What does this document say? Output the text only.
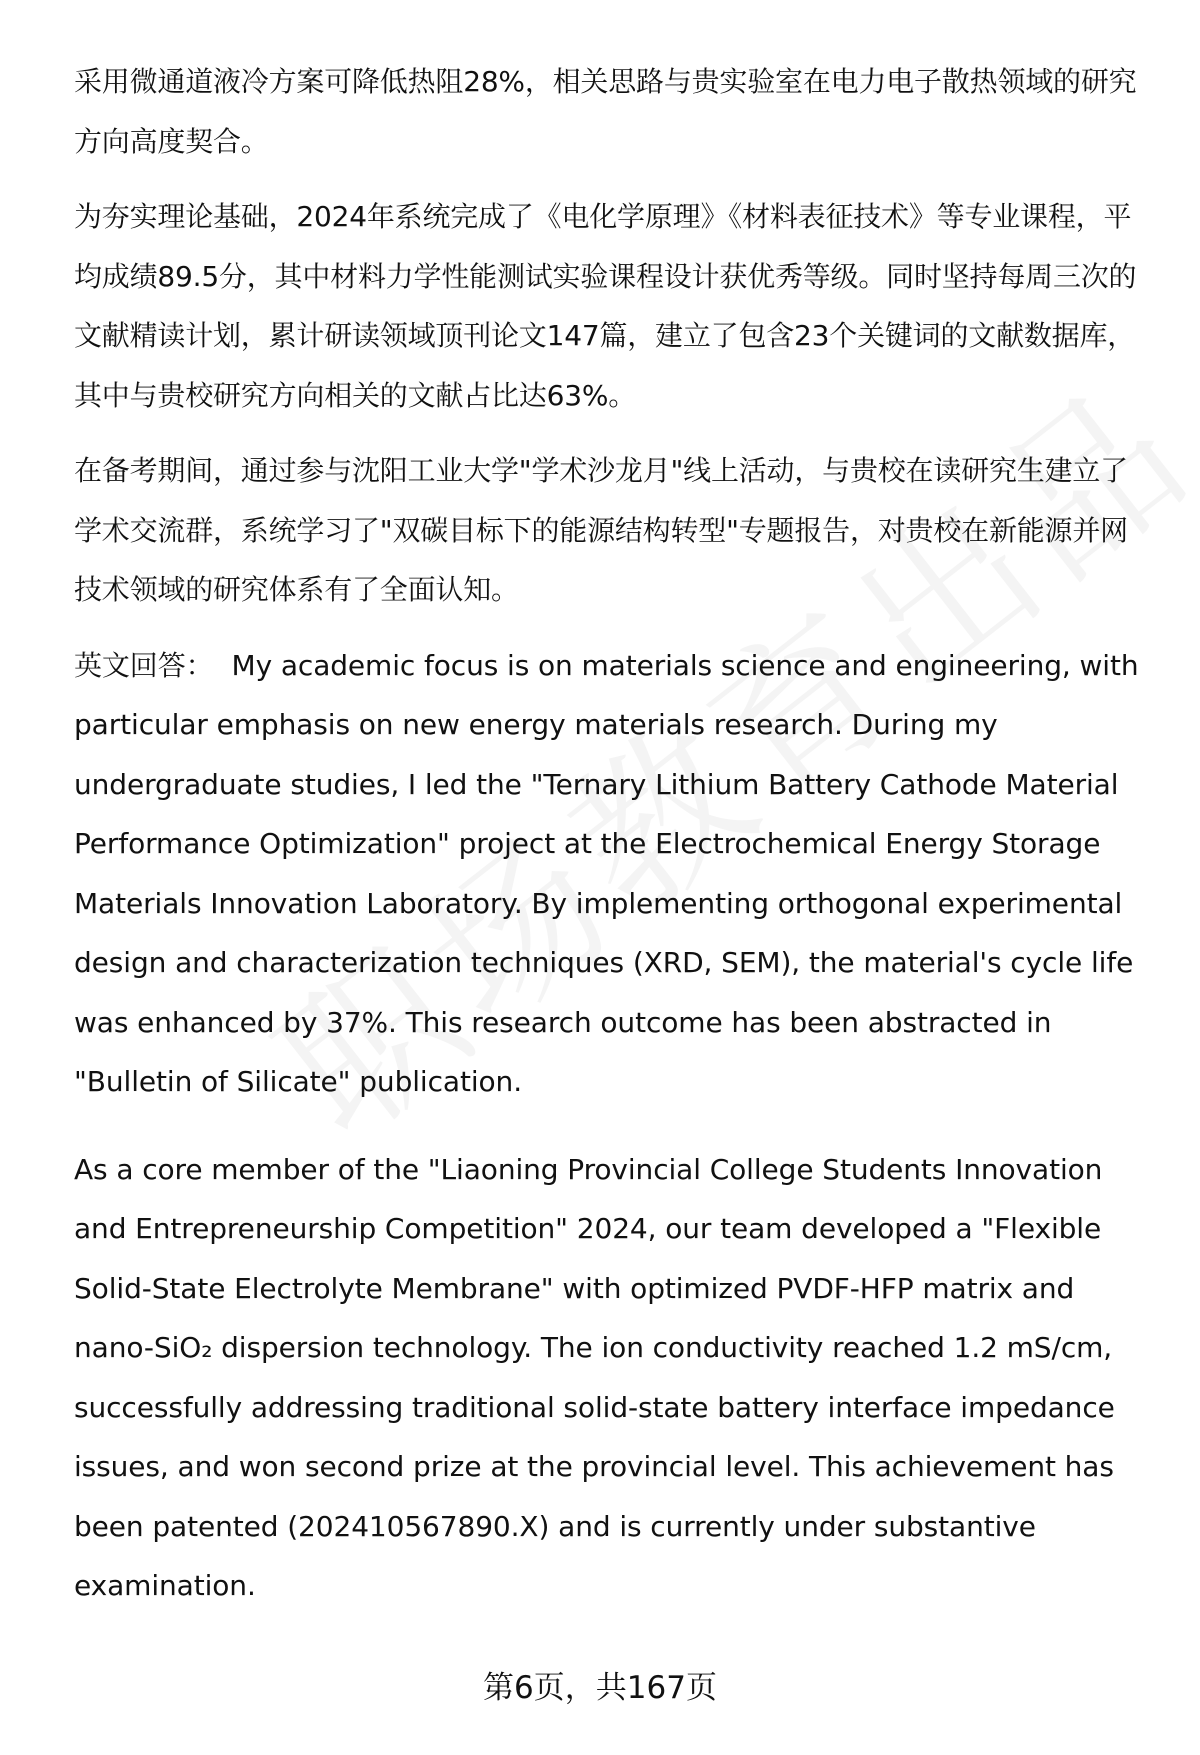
采用微通道液冷方案可降低热阻28%，相关思路与贵实验室在电力电子散热领域的研究方向高度契合。

为夯实理论基础，2024年系统完成了《电化学原理》《材料表征技术》等专业课程，平均成绩89.5分，其中材料力学性能测试实验课程设计获优秀等级。同时坚持每周三次的文献精读计划，累计研读领域顶刊论文147篇，建立了包含23个关键词的文献数据库，其中与贵校研究方向相关的文献占比达63%。

在备考期间，通过参与沈阳工业大学"学术沙龙月"线上活动，与贵校在读研究生建立了学术交流群，系统学习了"双碳目标下的能源结构转型"专题报告，对贵校在新能源并网技术领域的研究体系有了全面认知。

英文回答： My academic focus is on materials science and engineering, with particular emphasis on new energy materials research. During my undergraduate studies, I led the "Ternary Lithium Battery Cathode Material Performance Optimization" project at the Electrochemical Energy Storage Materials Innovation Laboratory. By implementing orthogonal experimental design and characterization techniques (XRD, SEM), the material's cycle life was enhanced by 37%. This research outcome has been abstracted in "Bulletin of Silicate" publication.

As a core member of the "Liaoning Provincial College Students Innovation and Entrepreneurship Competition" 2024, our team developed a "Flexible Solid-State Electrolyte Membrane" with optimized PVDF-HFP matrix and nano-SiO₂ dispersion technology. The ion conductivity reached 1.2 mS/cm, successfully addressing traditional solid-state battery interface impedance issues, and won second prize at the provincial level. This achievement has been patented (202410567890.X) and is currently under substantive examination.

第6页，共167页
